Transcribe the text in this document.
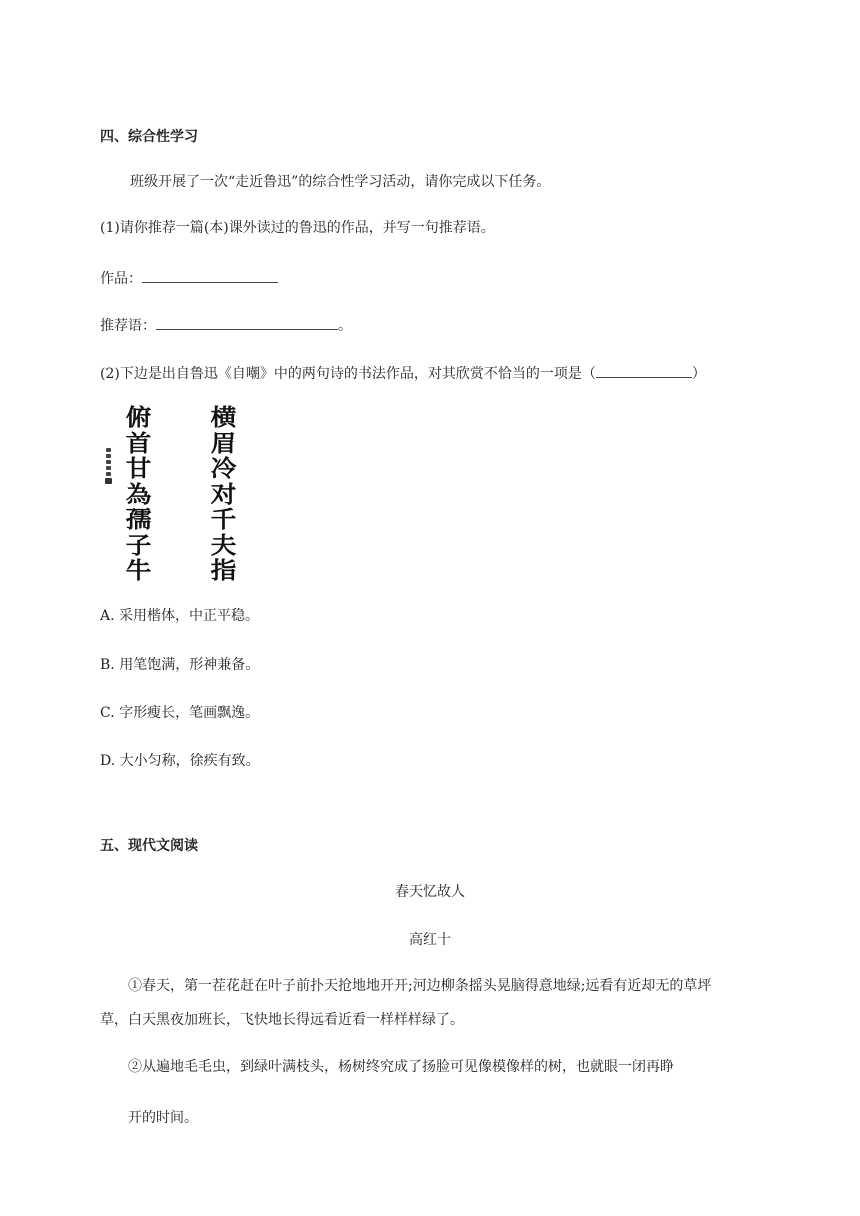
四、综合性学习
班级开展了一次“走近鲁迅”的综合性学习活动，请你完成以下任务。
(1)请你推荐一篇(本)课外读过的鲁迅的作品，并写一句推荐语。
作品：
推荐语：	。
(2)下边是出自鲁迅《自嘲》中的两句诗的书法作品，对其欣赏不恰当的一项是（	）
俯
首
甘
為
孺
子
牛
横
眉
冷
对
千
夫
指
A. 采用楷体，中正平稳。
B. 用笔饱满，形神兼备。
C. 字形瘦长，笔画飘逸。
D. 大小匀称，徐疾有致。
五、现代文阅读
春天忆故人
高红十
①春天，第一茬花赶在叶子前扑天抢地地开开;河边柳条摇头晃脑得意地绿;远看有近却无的草坪
草，白天黑夜加班长，飞快地长得远看近看一样样样绿了。
②从遍地毛毛虫，到绿叶满枝头，杨树终究成了扬脸可见像模像样的树，也就眼一闭再睁
开的时间。
